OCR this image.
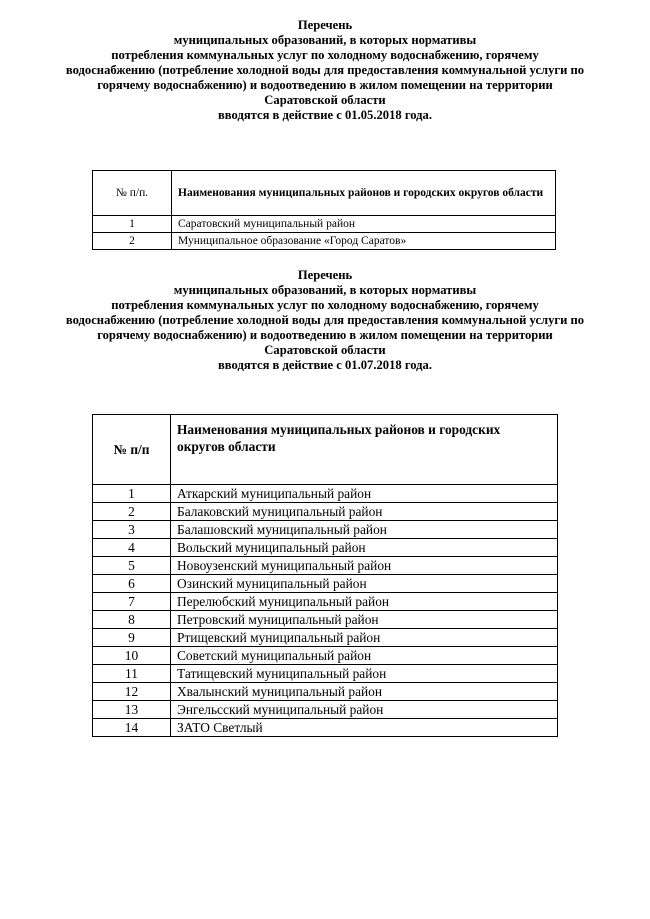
Перечень
муниципальных образований, в которых нормативы
потребления коммунальных услуг по холодному водоснабжению, горячему
водоснабжению (потребление холодной воды для предоставления коммунальной услуги по
горячему водоснабжению) и водоотведению в жилом помещении на территории
Саратовской области
вводятся в действие с 01.05.2018 года.
№ п/п.	Наименования муниципальных районов и городских округов области
1	Саратовский муниципальный район
2	Муниципальное образование «Город Саратов»
Перечень
муниципальных образований, в которых нормативы
потребления коммунальных услуг по холодному водоснабжению, горячему
водоснабжению (потребление холодной воды для предоставления коммунальной услуги по
горячему водоснабжению) и водоотведению в жилом помещении на территории
Саратовской области
вводятся в действие с 01.07.2018 года.
№ п/п	Наименования муниципальных районов и городских округов области
1	Аткарский муниципальный район
2	Балаковский муниципальный район
3	Балашовский муниципальный район
4	Вольский муниципальный район
5	Новоузенский муниципальный район
6	Озинский муниципальный район
7	Перелюбский муниципальный район
8	Петровский муниципальный район
9	Ртищевский муниципальный район
10	Советский муниципальный район
11	Татищевский муниципальный район
12	Хвалынский муниципальный район
13	Энгельсский муниципальный район
14	ЗАТО Светлый
